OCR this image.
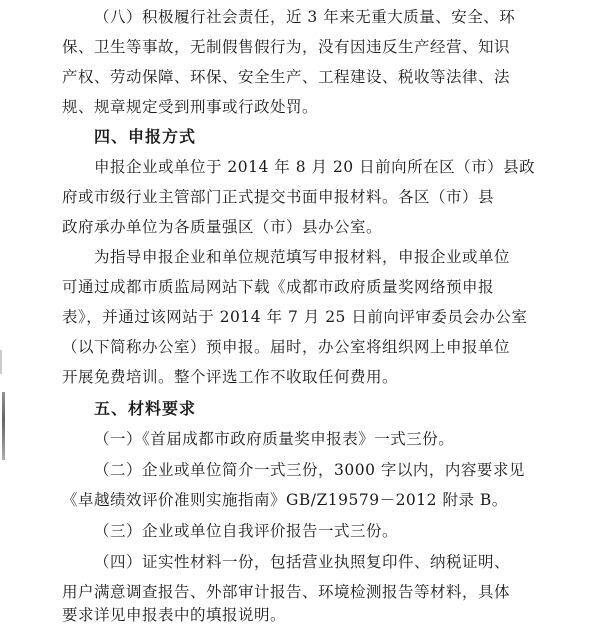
（八）积极履行社会责任，近 3 年来无重大质量、安全、环
保、卫生等事故，无制假售假行为，没有因违反生产经营、知识
产权、劳动保障、环保、安全生产、工程建设、税收等法律、法
规、规章规定受到刑事或行政处罚。
四、申报方式
申报企业或单位于 2014 年 8 月 20 日前向所在区（市）县政
府或市级行业主管部门正式提交书面申报材料。各区（市）县
政府承办单位为各质量强区（市）县办公室。
为指导申报企业和单位规范填写申报材料，申报企业或单位
可通过成都市质监局网站下载《成都市政府质量奖网络预申报
表》，并通过该网站于 2014 年 7 月 25 日前向评审委员会办公室
（以下简称办公室）预申报。届时，办公室将组织网上申报单位
开展免费培训。整个评选工作不收取任何费用。
五、材料要求
（一）《首届成都市政府质量奖申报表》一式三份。
（二）企业或单位简介一式三份，3000 字以内，内容要求见
《卓越绩效评价准则实施指南》GB/Z19579－2012 附录 B。
（三）企业或单位自我评价报告一式三份。
（四）证实性材料一份，包括营业执照复印件、纳税证明、
用户满意调查报告、外部审计报告、环境检测报告等材料，具体
要求详见申报表中的填报说明。
